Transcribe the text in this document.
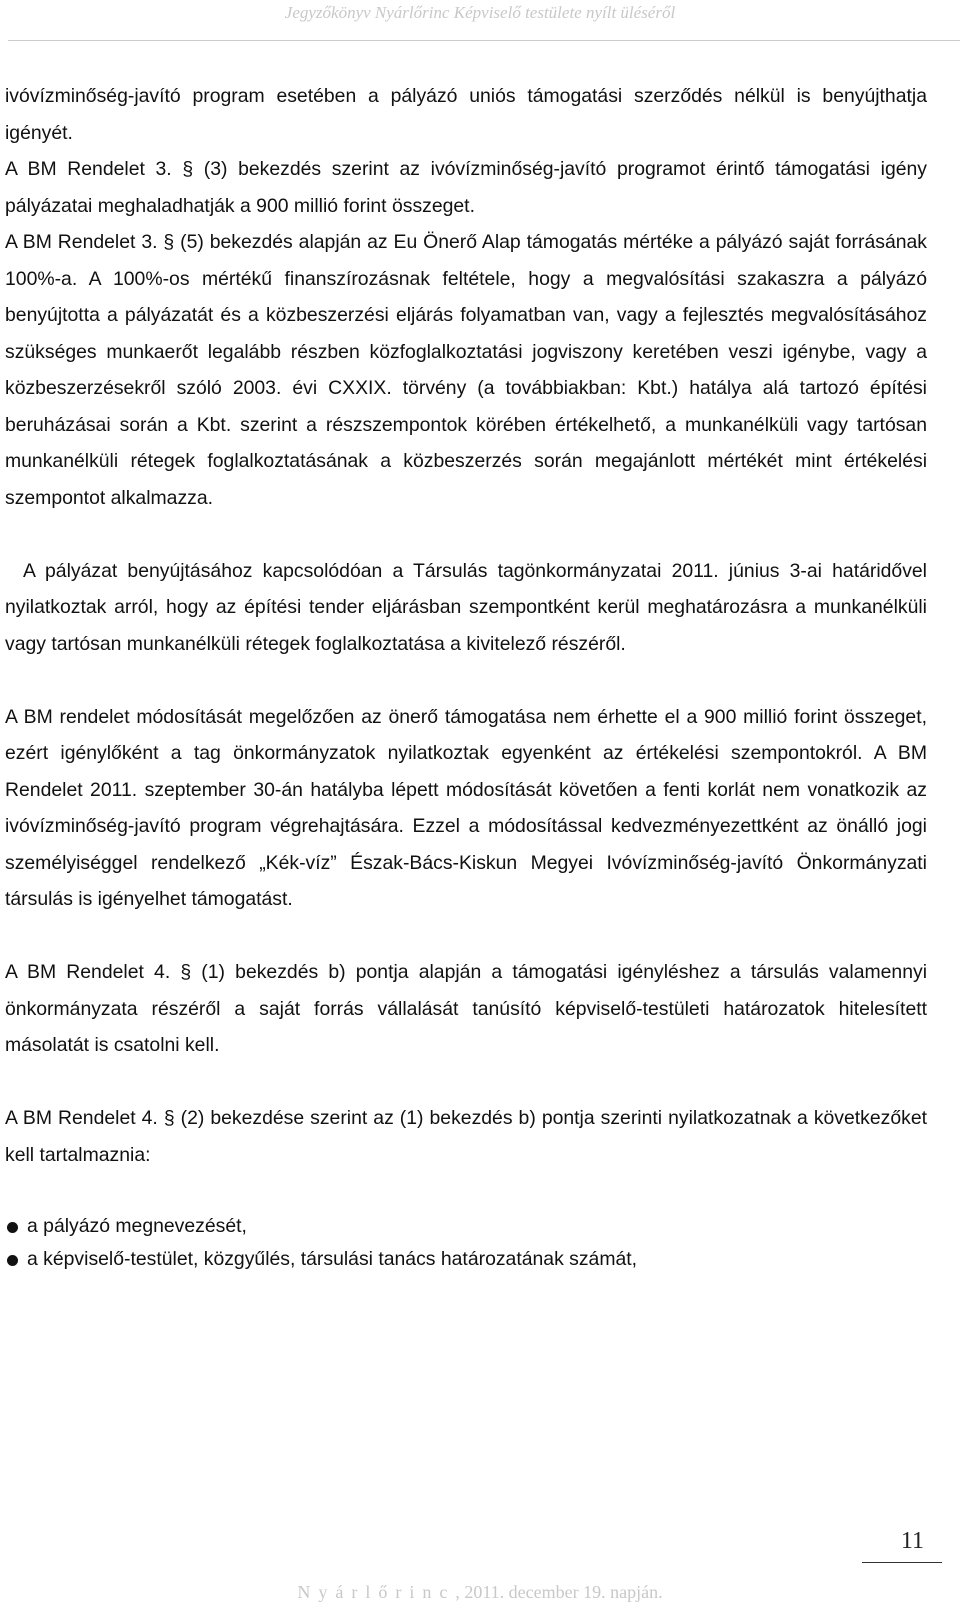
Jegyzőkönyv Nyárlőrinc Képviselő testülete nyílt üléséről

ivóvízminőség-javító program esetében a pályázó uniós támogatási szerződés nélkül is benyújthatja igényét.

A BM Rendelet 3. § (3) bekezdés szerint az ivóvízminőség-javító programot érintő támogatási igény pályázatai meghaladhatják a 900 millió forint összeget.

A BM Rendelet 3. § (5) bekezdés alapján az Eu Önerő Alap támogatás mértéke a pályázó saját forrásának 100%-a. A 100%-os mértékű finanszírozásnak feltétele, hogy a megvalósítási szakaszra a pályázó benyújtotta a pályázatát és a közbeszerzési eljárás folyamatban van, vagy a fejlesztés megvalósításához szükséges munkaerőt legalább részben közfoglalkoztatási jogviszony keretében veszi igénybe, vagy a közbeszerzésekről szóló 2003. évi CXXIX. törvény (a továbbiakban: Kbt.) hatálya alá tartozó építési beruházásai során a Kbt. szerint a részszempontok körében értékelhető, a munkanélküli vagy tartósan munkanélküli rétegek foglalkoztatásának a közbeszerzés során megajánlott mértékét mint értékelési szempontot alkalmazza.

A pályázat benyújtásához kapcsolódóan a Társulás tagönkormányzatai 2011. június 3-ai határidővel nyilatkoztak arról, hogy az építési tender eljárásban szempontként kerül meghatározásra a munkanélküli vagy tartósan munkanélküli rétegek foglalkoztatása a kivitelező részéről.

A BM rendelet módosítását megelőzően az önerő támogatása nem érhette el a 900 millió forint összeget, ezért igénylőként a tag önkormányzatok nyilatkoztak egyenként az értékelési szempontokról. A BM Rendelet 2011. szeptember 30-án hatályba lépett módosítását követően a fenti korlát nem vonatkozik az ivóvízminőség-javító program végrehajtására. Ezzel a módosítással kedvezményezettként az önálló jogi személyiséggel rendelkező „Kék-víz” Észak-Bács-Kiskun Megyei Ivóvízminőség-javító Önkormányzati társulás is igényelhet támogatást.

A BM Rendelet 4. § (1) bekezdés b) pontja alapján a támogatási igényléshez a társulás valamennyi önkormányzata részéről a saját forrás vállalását tanúsító képviselő-testületi határozatok hitelesített másolatát is csatolni kell.

A BM Rendelet 4. § (2) bekezdése szerint az (1) bekezdés b) pontja szerinti nyilatkozatnak a következőket kell tartalmaznia:

a pályázó megnevezését,
a képviselő-testület, közgyűlés, társulási tanács határozatának számát,
11
Nyárlőrinc, 2011. december 19. napján.
